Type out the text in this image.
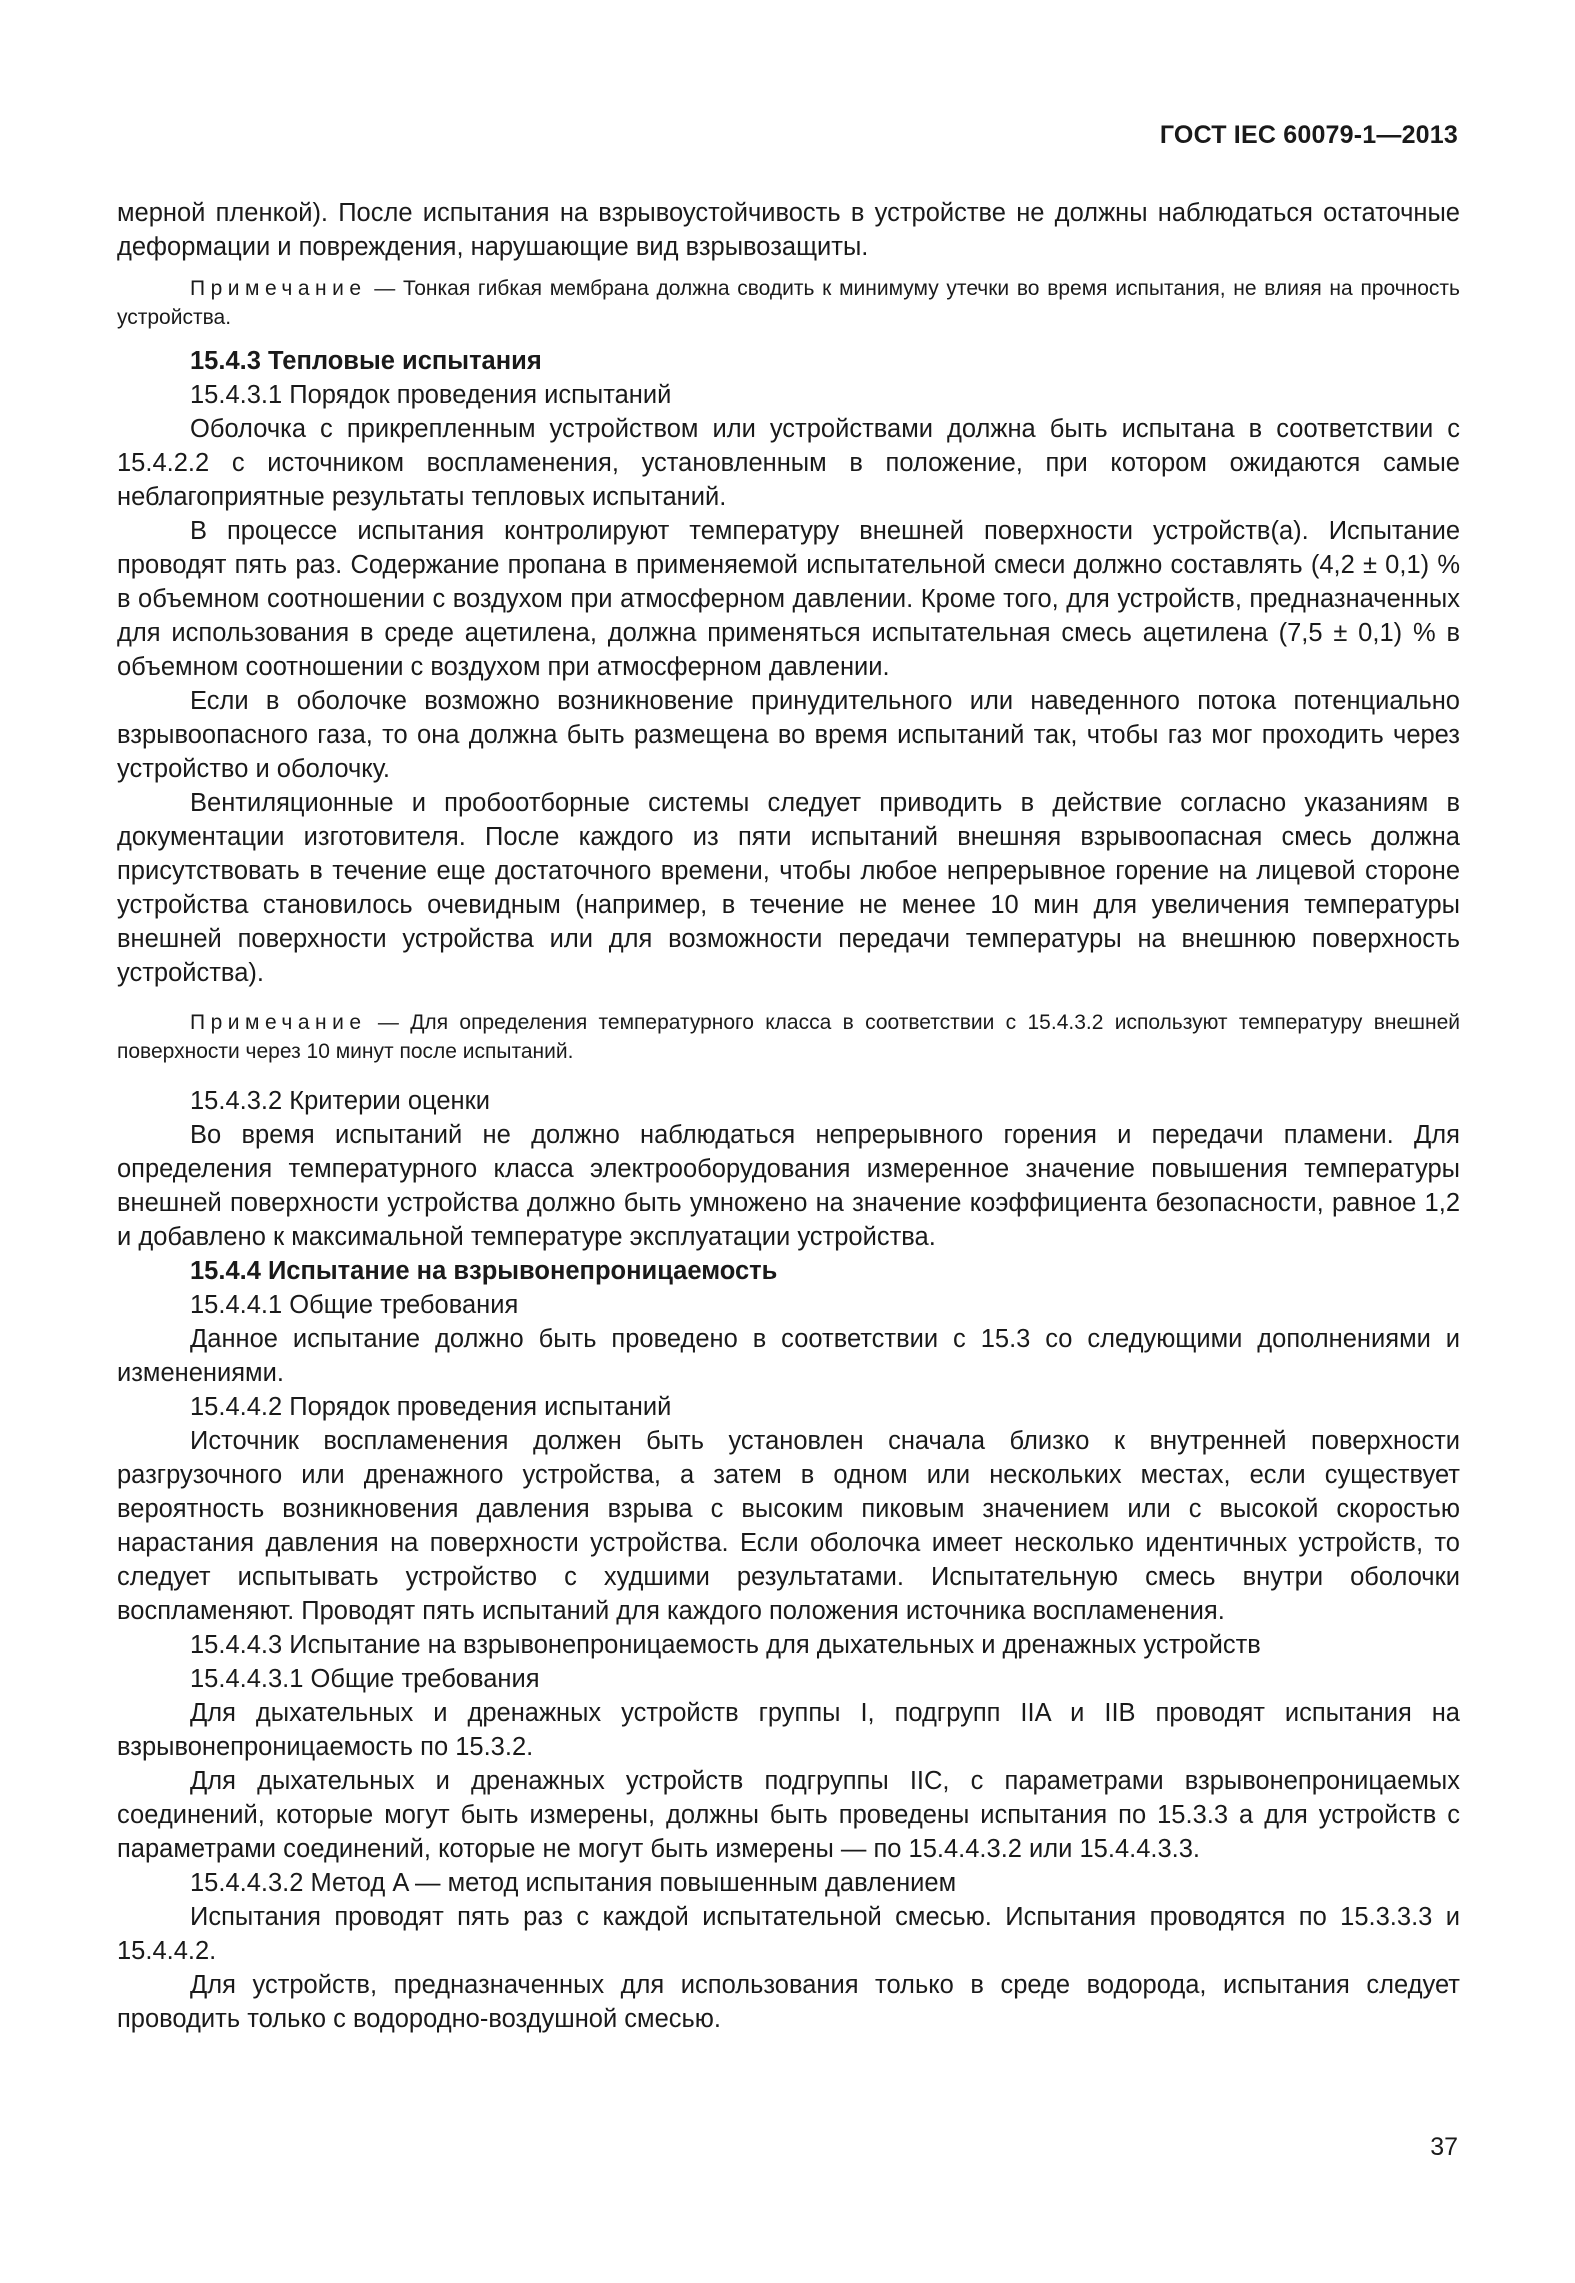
ГОСТ IEC 60079-1—2013

мерной пленкой). После испытания на взрывоустойчивость в устройстве не должны наблюдаться остаточные деформации и повреждения, нарушающие вид взрывозащиты.

Примечание — Тонкая гибкая мембрана должна сводить к минимуму утечки во время испытания, не влияя на прочность устройства.

15.4.3 Тепловые испытания

15.4.3.1 Порядок проведения испытаний

Оболочка с прикрепленным устройством или устройствами должна быть испытана в соответствии с 15.4.2.2 с источником воспламенения, установленным в положение, при котором ожидаются самые неблагоприятные результаты тепловых испытаний.

В процессе испытания контролируют температуру внешней поверхности устройств(а). Испытание проводят пять раз. Содержание пропана в применяемой испытательной смеси должно составлять (4,2 ± 0,1) % в объемном соотношении с воздухом при атмосферном давлении. Кроме того, для устройств, предназначенных для использования в среде ацетилена, должна применяться испытательная смесь ацетилена (7,5 ± 0,1) % в объемном соотношении с воздухом при атмосферном давлении.

Если в оболочке возможно возникновение принудительного или наведенного потока потенциально взрывоопасного газа, то она должна быть размещена во время испытаний так, чтобы газ мог проходить через устройство и оболочку.

Вентиляционные и пробоотборные системы следует приводить в действие согласно указаниям в документации изготовителя. После каждого из пяти испытаний внешняя взрывоопасная смесь должна присутствовать в течение еще достаточного времени, чтобы любое непрерывное горение на лицевой стороне устройства становилось очевидным (например, в течение не менее 10 мин для увеличения температуры внешней поверхности устройства или для возможности передачи температуры на внешнюю поверхность устройства).

Примечание — Для определения температурного класса в соответствии с 15.4.3.2 используют температуру внешней поверхности через 10 минут после испытаний.

15.4.3.2 Критерии оценки

Во время испытаний не должно наблюдаться непрерывного горения и передачи пламени. Для определения температурного класса электрооборудования измеренное значение повышения температуры внешней поверхности устройства должно быть умножено на значение коэффициента безопасности, равное 1,2 и добавлено к максимальной температуре эксплуатации устройства.

15.4.4 Испытание на взрывонепроницаемость

15.4.4.1 Общие требования

Данное испытание должно быть проведено в соответствии с 15.3 со следующими дополнениями и изменениями.

15.4.4.2 Порядок проведения испытаний

Источник воспламенения должен быть установлен сначала близко к внутренней поверхности разгрузочного или дренажного устройства, а затем в одном или нескольких местах, если существует вероятность возникновения давления взрыва с высоким пиковым значением или с высокой скоростью нарастания давления на поверхности устройства. Если оболочка имеет несколько идентичных устройств, то следует испытывать устройство с худшими результатами. Испытательную смесь внутри оболочки воспламеняют. Проводят пять испытаний для каждого положения источника воспламенения.

15.4.4.3 Испытание на взрывонепроницаемость для дыхательных и дренажных устройств

15.4.4.3.1 Общие требования

Для дыхательных и дренажных устройств группы I, подгрупп IIA и IIB проводят испытания на взрывонепроницаемость по 15.3.2.

Для дыхательных и дренажных устройств подгруппы IIC, с параметрами взрывонепроницаемых соединений, которые могут быть измерены, должны быть проведены испытания по 15.3.3 а для устройств с параметрами соединений, которые не могут быть измерены — по 15.4.4.3.2 или 15.4.4.3.3.

15.4.4.3.2 Метод A — метод испытания повышенным давлением

Испытания проводят пять раз с каждой испытательной смесью. Испытания проводятся по 15.3.3.3 и 15.4.4.2.

Для устройств, предназначенных для использования только в среде водорода, испытания следует проводить только с водородно-воздушной смесью.

37
